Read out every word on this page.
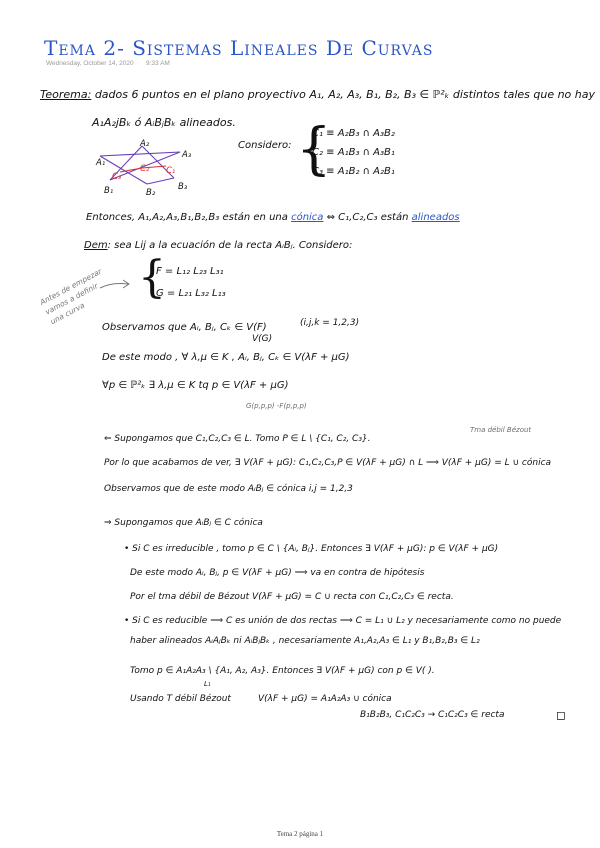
Tema 2- Sistemas Lineales De Curvas
Wednesday, October 14, 2020 9:33 AM
Teorema: dados 6 puntos en el plano proyectivo A₁, A₂, A₃, B₁, B₂, B₃ ∈ ℙ²ₖ distintos tales que no hay
A₁A₂jBₖ ó AᵢBⱼBₖ alineados.
A₁
A₂
A₃
B₁	B₂
B₃
C₃
C₂ C₁
Considero: {
C₁ ≡ A₂B₃ ∩ A₃B₂
C₂ ≡ A₁B₃ ∩ A₃B₁
C₃ ≡ A₁B₂ ∩ A₂B₁
Entonces, A₁,A₂,A₃,B₁,B₂,B₃ están en una cónica ⇔ C₁,C₂,C₃ están alineados
Dem: sea Lij a la ecuación de la recta AᵢBⱼ. Considero:
Antes de empezar
vamos a definir
una curva
{
F = L₁₂ L₂₃ L₃₁
G = L₂₁ L₃₂ L₁₃
Observamos que Aᵢ, Bⱼ, Cₖ ∈ V(F)
V(G)
(i,j,k = 1,2,3)
De este modo , ∀ λ,μ ∈ K , Aᵢ, Bⱼ, Cₖ ∈ V(λF + μG)
∀p ∈ ℙ²ₖ ∃ λ,μ ∈ K tq p ∈ V(λF + μG)
G(p,p,p) -F(p,p,p)
⇐ Supongamos que C₁,C₂,C₃ ∈ L. Tomo P ∈ L \ {C₁, C₂, C₃}.
Tma débil Bézout
Por lo que acabamos de ver, ∃ V(λF + μG): C₁,C₂,C₃,P ∈ V(λF + μG) ∩ L ⟹ V(λF + μG) = L ∪ cónica
Observamos que de este modo AᵢBⱼ ∈ cónica i,j = 1,2,3
⇒ Supongamos que AᵢBⱼ ∈ C cónica
• Si C es irreducible , tomo p ∈ C \ {Aᵢ, Bⱼ}. Entonces ∃ V(λF + μG): p ∈ V(λF + μG)
De este modo Aᵢ, Bⱼ, p ∈ V(λF + μG) ⟹ va en contra de hipótesis
Por el tma débil de Bézout V(λF + μG) = C ∪ recta con C₁,C₂,C₃ ∈ recta.
• Si C es reducible ⟹ C es unión de dos rectas ⟹ C = L₁ ∪ L₂ y necesariamente como no puede
haber alineados AᵢAⱼBₖ ni AᵢBⱼBₖ , necesariamente A₁,A₂,A₃ ∈ L₁ y B₁,B₂,B₃ ∈ L₂
Tomo p ∈ A₁A₂A₃ \ {A₁, A₂, A₃}. Entonces ∃ V(λF + μG) con p ∈ V( ).
L₁
Usando T débil Bézout	V(λF + μG) = A₁A₂A₃ ∪ cónica
B₁B₂B₃, C₁C₂C₃ → C₁C₂C₃ ∈ recta	◻
Tema 2 página 1
